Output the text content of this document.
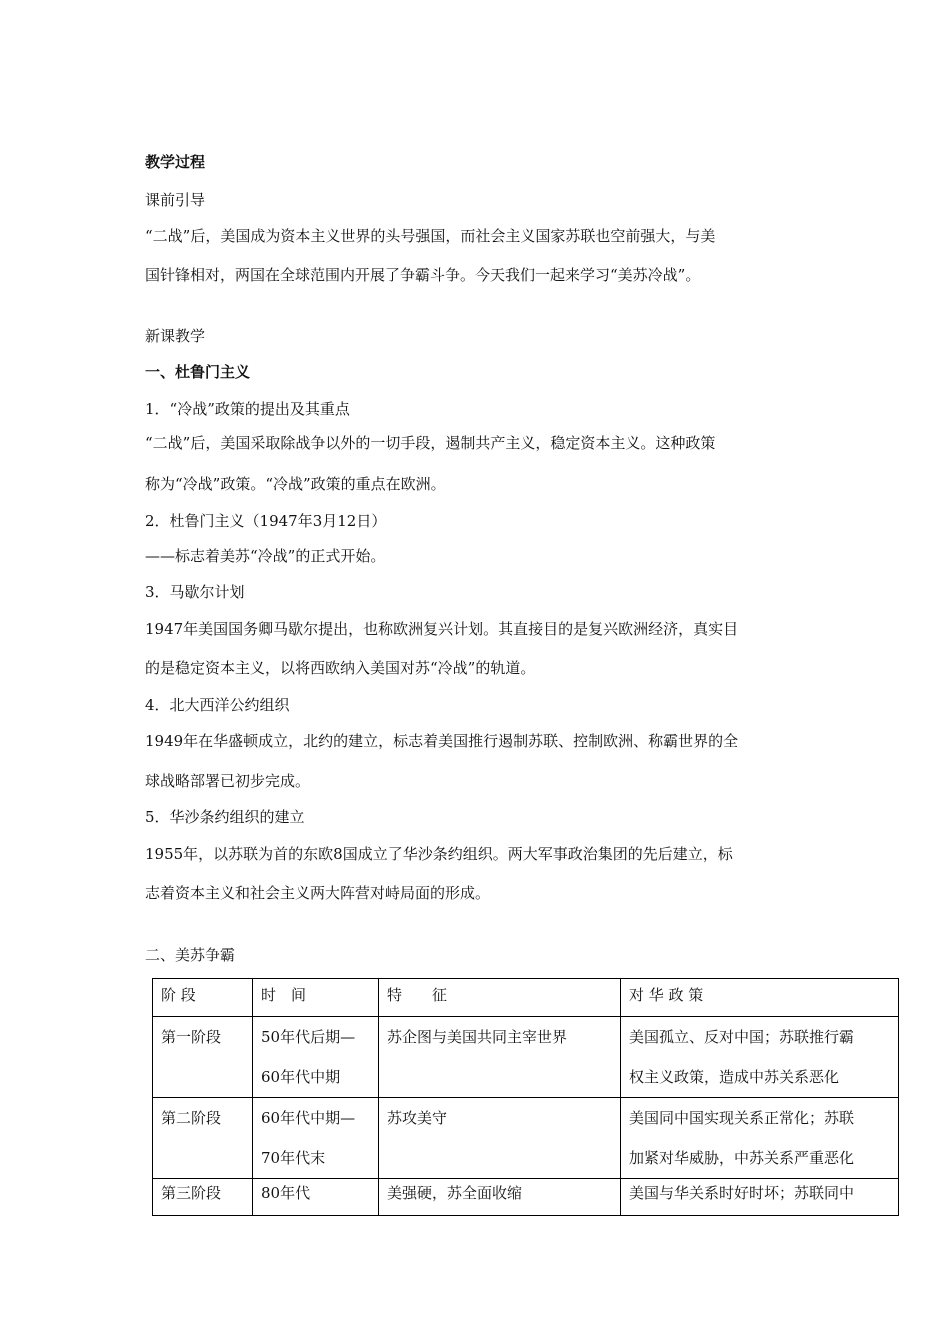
教学过程
课前引导
“二战”后，美国成为资本主义世界的头号强国，而社会主义国家苏联也空前强大，与美
国针锋相对，两国在全球范围内开展了争霸斗争。今天我们一起来学习“美苏冷战”。
新课教学
一、杜鲁门主义
1．“冷战”政策的提出及其重点
“二战”后，美国采取除战争以外的一切手段，遏制共产主义，稳定资本主义。这种政策
称为“冷战”政策。“冷战”政策的重点在欧洲。
2．杜鲁门主义（1947年3月12日）
——标志着美苏“冷战”的正式开始。
3．马歇尔计划
1947年美国国务卿马歇尔提出，也称欧洲复兴计划。其直接目的是复兴欧洲经济，真实目
的是稳定资本主义，以将西欧纳入美国对苏“冷战”的轨道。
4．北大西洋公约组织
1949年在华盛顿成立，北约的建立，标志着美国推行遏制苏联、控制欧洲、称霸世界的全
球战略部署已初步完成。
5．华沙条约组织的建立
1955年，以苏联为首的东欧8国成立了华沙条约组织。两大军事政治集团的先后建立，标
志着资本主义和社会主义两大阵营对峙局面的形成。
二、美苏争霸
阶 段	时　间	特　　征	对 华 政 策
第一阶段	50年代后期—
60年代中期	苏企图与美国共同主宰世界	美国孤立、反对中国；苏联推行霸
权主义政策，造成中苏关系恶化

第二阶段	60年代中期—
70年代末	苏攻美守	美国同中国实现关系正常化；苏联
加紧对华威胁，中苏关系严重恶化

第三阶段	80年代	美强硬，苏全面收缩	美国与华关系时好时坏；苏联同中
